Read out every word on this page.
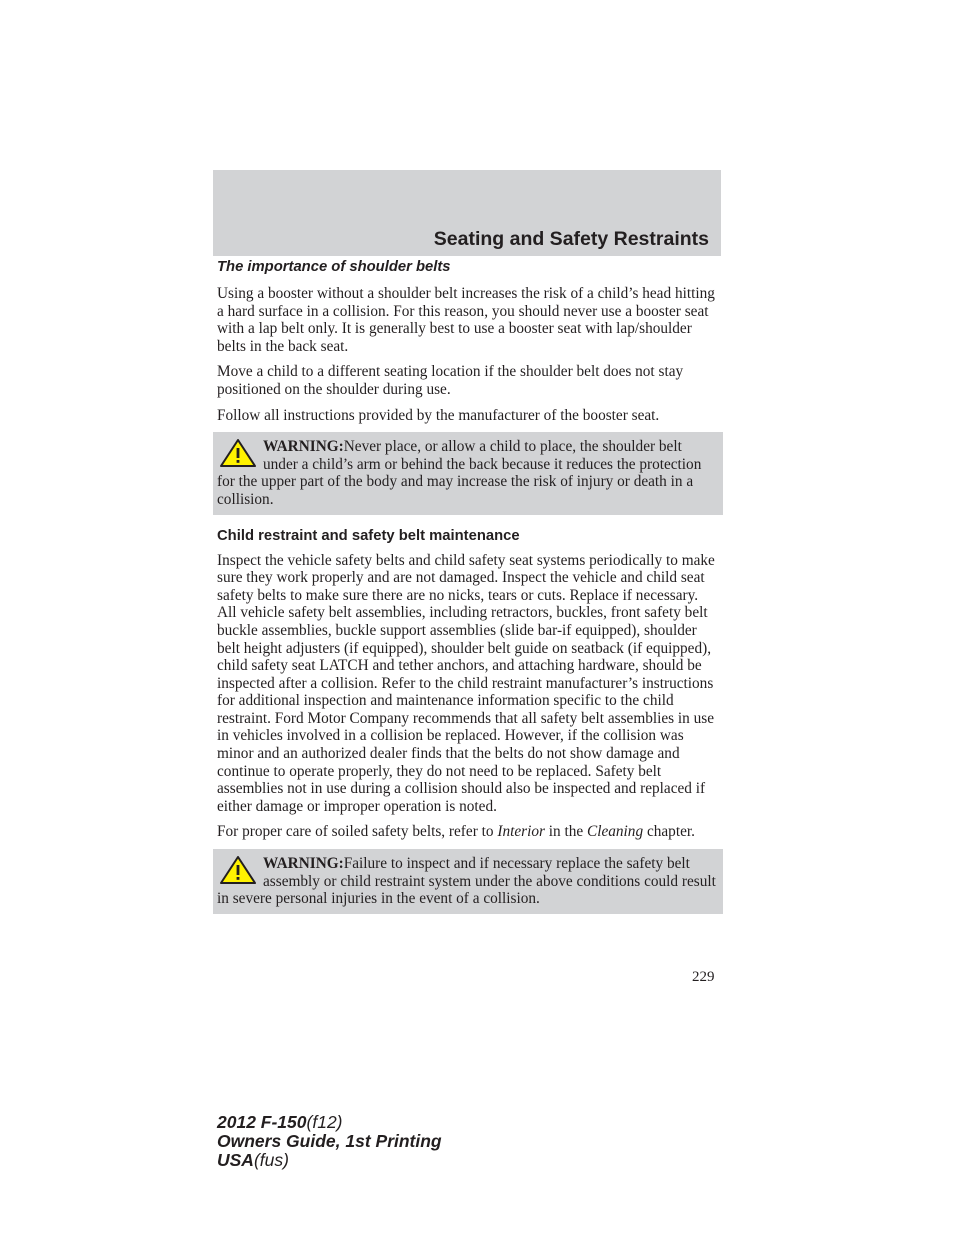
Seating and Safety Restraints
The importance of shoulder belts

Using a booster without a shoulder belt increases the risk of a child’s head hitting a hard surface in a collision. For this reason, you should never use a booster seat with a lap belt only. It is generally best to use a booster seat with lap/shoulder belts in the back seat.

Move a child to a different seating location if the shoulder belt does not stay positioned on the shoulder during use.

Follow all instructions provided by the manufacturer of the booster seat.

WARNING:Never place, or allow a child to place, the shoulder belt under a child’s arm or behind the back because it reduces the protection for the upper part of the body and may increase the risk of injury or death in a collision.
Child restraint and safety belt maintenance

Inspect the vehicle safety belts and child safety seat systems periodically to make sure they work properly and are not damaged. Inspect the vehicle and child seat safety belts to make sure there are no nicks, tears or cuts. Replace if necessary. All vehicle safety belt assemblies, including retractors, buckles, front safety belt buckle assemblies, buckle support assemblies (slide bar-if equipped), shoulder belt height adjusters (if equipped), shoulder belt guide on seatback (if equipped), child safety seat LATCH and tether anchors, and attaching hardware, should be inspected after a collision. Refer to the child restraint manufacturer’s instructions for additional inspection and maintenance information specific to the child restraint. Ford Motor Company recommends that all safety belt assemblies in use in vehicles involved in a collision be replaced. However, if the collision was minor and an authorized dealer finds that the belts do not show damage and continue to operate properly, they do not need to be replaced. Safety belt assemblies not in use during a collision should also be inspected and replaced if either damage or improper operation is noted.

For proper care of soiled safety belts, refer to Interior in the Cleaning chapter.

WARNING:Failure to inspect and if necessary replace the safety belt assembly or child restraint system under the above conditions could result in severe personal injuries in the event of a collision.
229
2012 F-150(f12)
Owners Guide, 1st Printing
USA(fus)
